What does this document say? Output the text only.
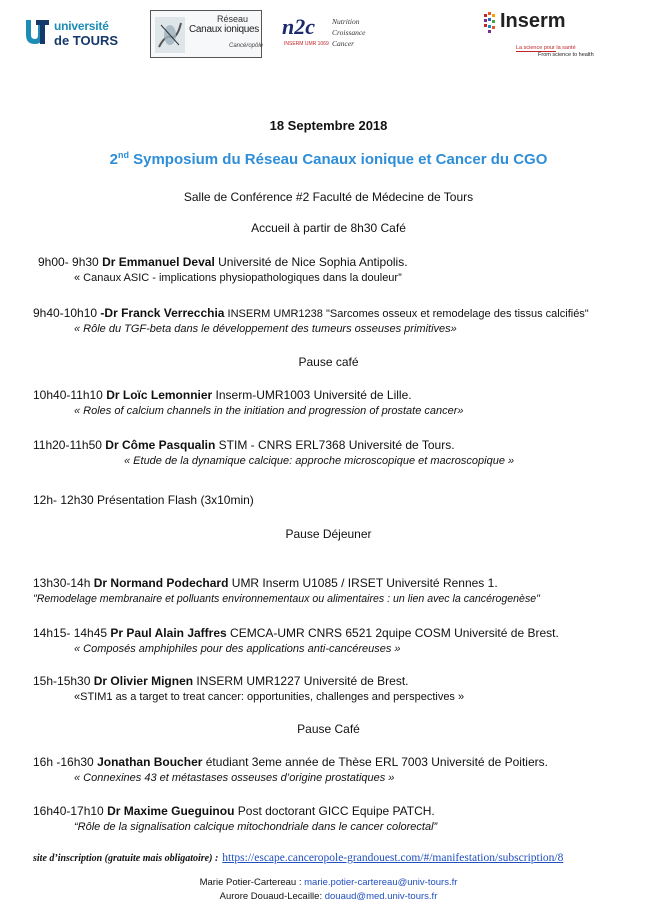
université
de TOURS
Réseau
Canaux ioniques
Cancéropôle
n2c Nutrition
Croissance
Cancer
INSERM UMR 1069
Inserm
La science pour la santé
From science to health
18 Septembre 2018
2nd Symposium du Réseau Canaux ionique et Cancer du CGO
Salle de Conférence #2 Faculté de Médecine de Tours
Accueil à partir de 8h30 Café
9h00- 9h30 Dr Emmanuel Deval Université de Nice Sophia Antipolis.
« Canaux ASIC - implications physiopathologiques dans la douleur”
9h40-10h10 -Dr Franck Verrecchia INSERM UMR1238 "Sarcomes osseux et remodelage des tissus calcifiés"
« Rôle du TGF-beta dans le développement des tumeurs osseuses primitives»
Pause café
10h40-11h10 Dr Loïc Lemonnier Inserm-UMR1003 Université de Lille.
« Roles of calcium channels in the initiation and progression of prostate cancer»
11h20-11h50 Dr Côme Pasqualin STIM - CNRS ERL7368 Université de Tours.
« Etude de la dynamique calcique: approche microscopique et macroscopique »
12h- 12h30 Présentation Flash (3x10min)
Pause Déjeuner
13h30-14h Dr Normand Podechard UMR Inserm U1085 / IRSET Université Rennes 1.
"Remodelage membranaire et polluants environnementaux ou alimentaires : un lien avec la cancérogenèse"
14h15- 14h45 Pr Paul Alain Jaffres CEMCA-UMR CNRS 6521 2quipe COSM Université de Brest.
« Composés amphiphiles pour des applications anti-cancéreuses »
15h-15h30 Dr Olivier Mignen INSERM UMR1227 Université de Brest.
«STIM1 as a target to treat cancer: opportunities, challenges and perspectives »
Pause Café
16h -16h30 Jonathan Boucher étudiant 3eme année de Thèse ERL 7003 Université de Poitiers.
« Connexines 43 et métastases osseuses d’origine prostatiques »
16h40-17h10 Dr Maxime Gueguinou Post doctorant GICC Equipe PATCH.
“Rôle de la signalisation calcique mitochondriale dans le cancer colorectal”
site d’inscription (gratuite mais obligatoire) : https://escape.canceropole-grandouest.com/#/manifestation/subscription/8
Marie Potier-Cartereau : marie.potier-cartereau@univ-tours.fr
Aurore Douaud-Lecaille: douaud@med.univ-tours.fr
